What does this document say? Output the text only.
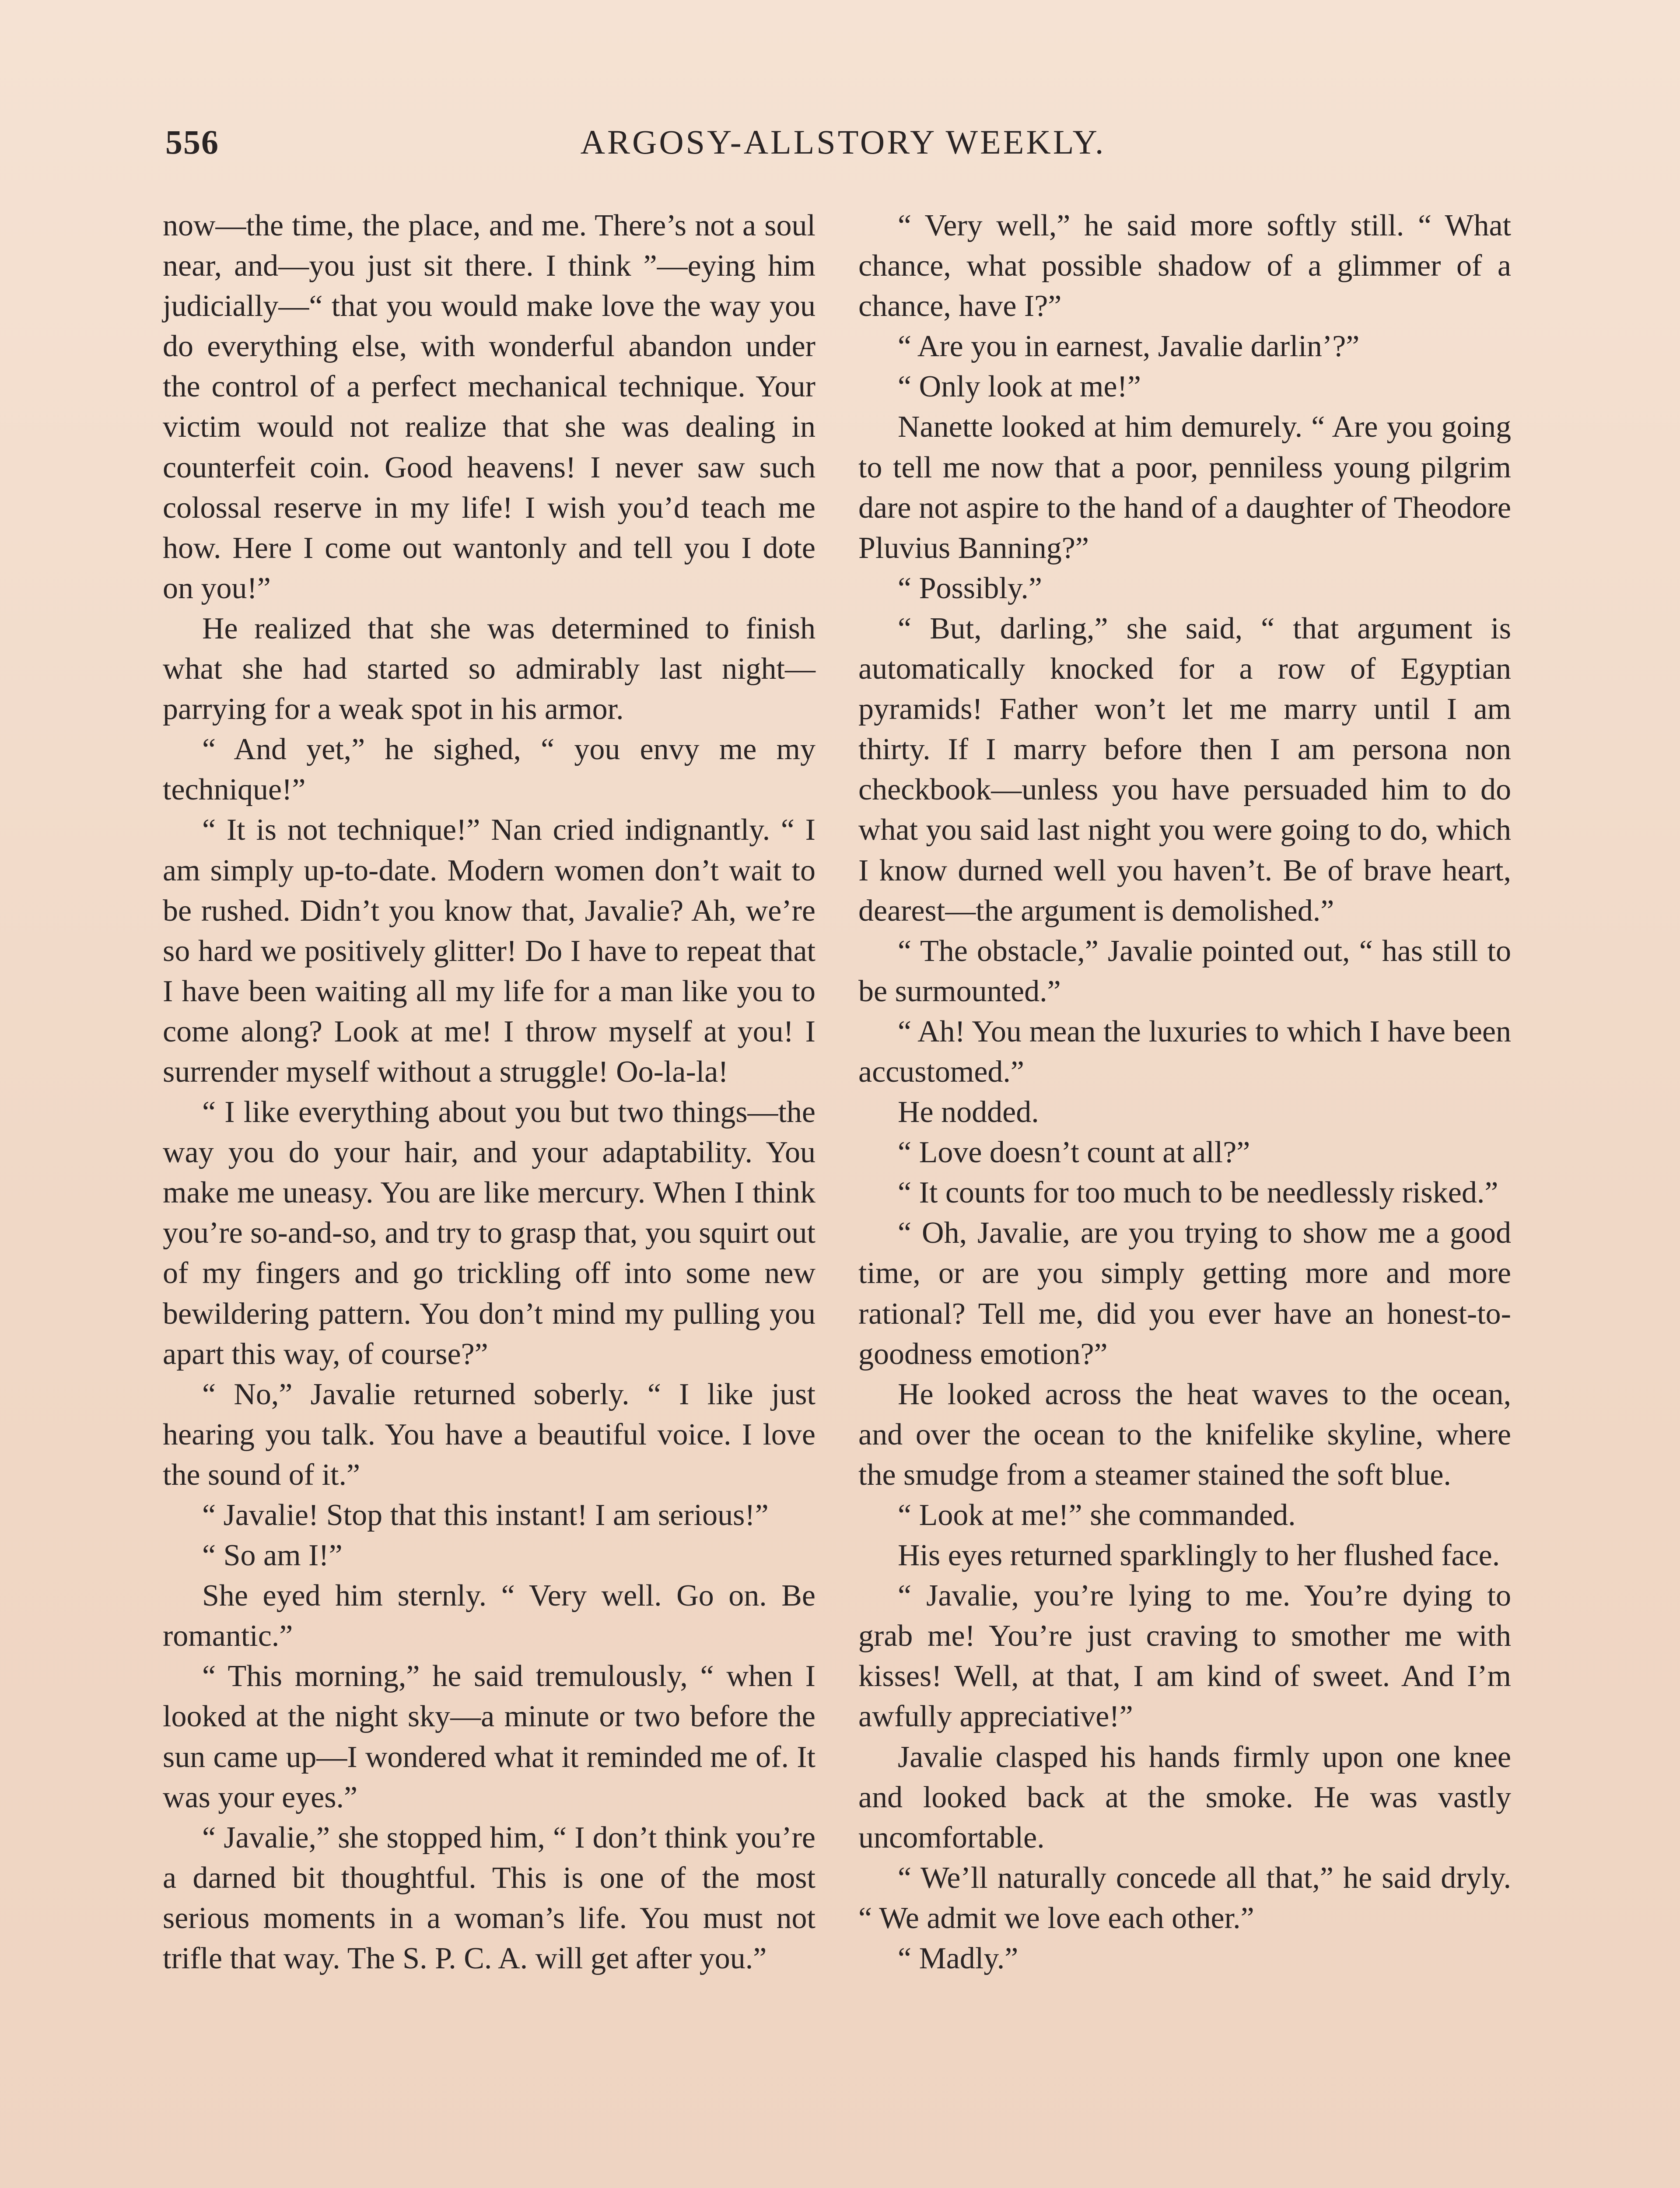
556	ARGOSY-ALLSTORY WEEKLY.

now—the time, the place, and me. There’s not a soul near, and—you just sit there. I think ”—eying him judicially—“ that you would make love the way you do everything else, with wonderful abandon under the control of a perfect mechanical technique. Your victim would not realize that she was dealing in counterfeit coin. Good heavens! I never saw such colossal reserve in my life! I wish you’d teach me how. Here I come out wantonly and tell you I dote on you!”

He realized that she was determined to finish what she had started so admirably last night—parrying for a weak spot in his armor.

“ And yet,” he sighed, “ you envy me my technique!”

“ It is not technique!” Nan cried indignantly. “ I am simply up-to-date. Modern women don’t wait to be rushed. Didn’t you know that, Javalie? Ah, we’re so hard we positively glitter! Do I have to repeat that I have been waiting all my life for a man like you to come along? Look at me! I throw myself at you! I surrender myself without a struggle! Oo-la-la!

“ I like everything about you but two things—the way you do your hair, and your adaptability. You make me uneasy. You are like mercury. When I think you’re so-and-so, and try to grasp that, you squirt out of my fingers and go trickling off into some new bewildering pattern. You don’t mind my pulling you apart this way, of course?”

“ No,” Javalie returned soberly. “ I like just hearing you talk. You have a beautiful voice. I love the sound of it.”

“ Javalie! Stop that this instant! I am serious!”

“ So am I!”

She eyed him sternly. “ Very well. Go on. Be romantic.”

“ This morning,” he said tremulously, “ when I looked at the night sky—a minute or two before the sun came up—I wondered what it reminded me of. It was your eyes.”

“ Javalie,” she stopped him, “ I don’t think you’re a darned bit thoughtful. This is one of the most serious moments in a woman’s life. You must not trifle that way. The S. P. C. A. will get after you.”

“ Very well,” he said more softly still. “ What chance, what possible shadow of a glimmer of a chance, have I?”

“ Are you in earnest, Javalie darlin’?”

“ Only look at me!”

Nanette looked at him demurely. “ Are you going to tell me now that a poor, penniless young pilgrim dare not aspire to the hand of a daughter of Theodore Pluvius Banning?”

“ Possibly.”

“ But, darling,” she said, “ that argument is automatically knocked for a row of Egyptian pyramids! Father won’t let me marry until I am thirty. If I marry before then I am persona non checkbook—unless you have persuaded him to do what you said last night you were going to do, which I know durned well you haven’t. Be of brave heart, dearest—the argument is demolished.”

“ The obstacle,” Javalie pointed out, “ has still to be surmounted.”

“ Ah! You mean the luxuries to which I have been accustomed.”

He nodded.

“ Love doesn’t count at all?”

“ It counts for too much to be needlessly risked.”

“ Oh, Javalie, are you trying to show me a good time, or are you simply getting more and more rational? Tell me, did you ever have an honest-to-goodness emotion?”

He looked across the heat waves to the ocean, and over the ocean to the knifelike skyline, where the smudge from a steamer stained the soft blue.

“ Look at me!” she commanded.

His eyes returned sparklingly to her flushed face.

“ Javalie, you’re lying to me. You’re dying to grab me! You’re just craving to smother me with kisses! Well, at that, I am kind of sweet. And I’m awfully appreciative!”

Javalie clasped his hands firmly upon one knee and looked back at the smoke. He was vastly uncomfortable.

“ We’ll naturally concede all that,” he said dryly. “ We admit we love each other.”

“ Madly.”
